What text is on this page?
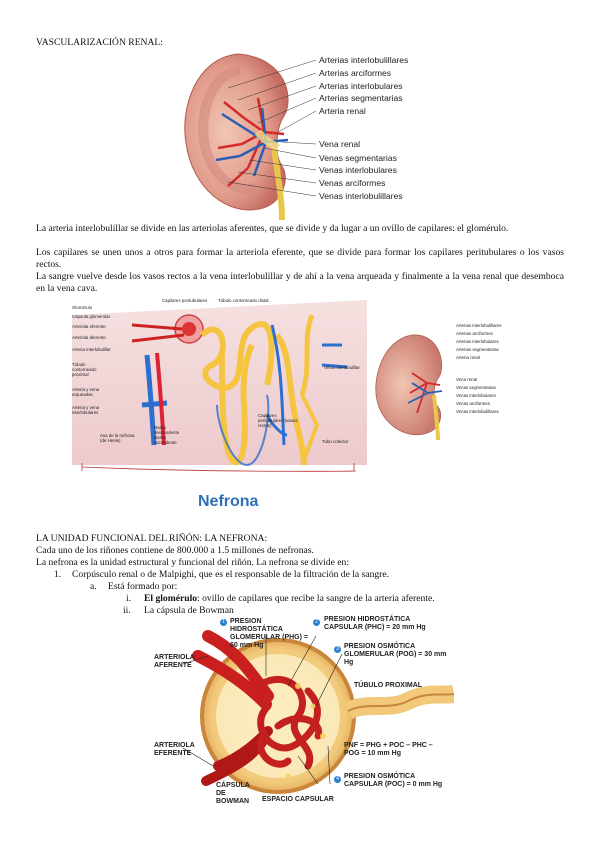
VASCULARIZACIÓN RENAL:
Arterias interlobulillares
Arterias arciformes
Arterias interlobulares
Arterias segmentarias
Arteria renal
Vena renal
Venas segmentarias
Venas interlobulares
Venas arciformes
Venas interlobulillares
La arteria interlobulillar se divide en las arteriolas aferentes, que se divide y da lugar a un ovillo de capilares: el glomérulo.
Los capilares se unen unos a otros para formar la arteriola eferente, que se divide para formar los capilares peritubulares o los vasos rectos.
La sangre vuelve desde los vasos rectos a la vena interlobulillar y de ahí a la vena arqueada y finalmente a la vena renal que desemboca en la vena cava.
Capilares peritubulares Túbulo contorneado distal
Glomérulo
Cápsula glomerular
Arteriola eferente
Arteriola aferente
Arteria interlobulillar
Túbulo contorneado proximal
Arteria y vena arqueadas
Arteria y vena interlobulares
Asa de la nefrona (de Henle)
Rama descendente Rama ascendente
Capilares peritubulares (vasos rectos)
Vena interlobulillar
Tubo colector
Arterias interlobulillares
Arterias arciformes
Arterias interlobulares
Arterias segmentarias
Arteria renal
Vena renal
Venas segmentarias
Venas interlobulares
Venas arciformes
Venas interlobulillares
Nefrona
LA UNIDAD FUNCIONAL DEL RIÑÓN: LA NEFRONA:
Cada uno de los riñones contiene de 800.000 a 1.5 millones de nefronas.
La nefrona es la unidad estructural y funcional del riñón. La nefrona se divide en:
1. Corpúsculo renal o de Malpighi, que es el responsable de la filtración de la sangre.
a. Está formado por:
i. El glomérulo: ovillo de capilares que recibe la sangre de la arteria aferente.
ii. La cápsula de Bowman
ARTERIOLA AFERENTE
ARTERIOLA EFERENTE
CÁPSULA DE BOWMAN	ESPACIO CAPSULAR
TÚBULO PROXIMAL
1 PRESION HIDROSTÁTICA GLOMERULAR (PHG) = 60 mm Hg
2 PRESION HIDROSTÁTICA CAPSULAR (PHC) = 20 mm Hg
3 PRESION OSMÓTICA GLOMERULAR (POG) = 30 mm Hg
PNF = PHG + POC – PHC – POG = 10 mm Hg
4 PRESION OSMÓTICA CAPSULAR (POC) = 0 mm Hg
